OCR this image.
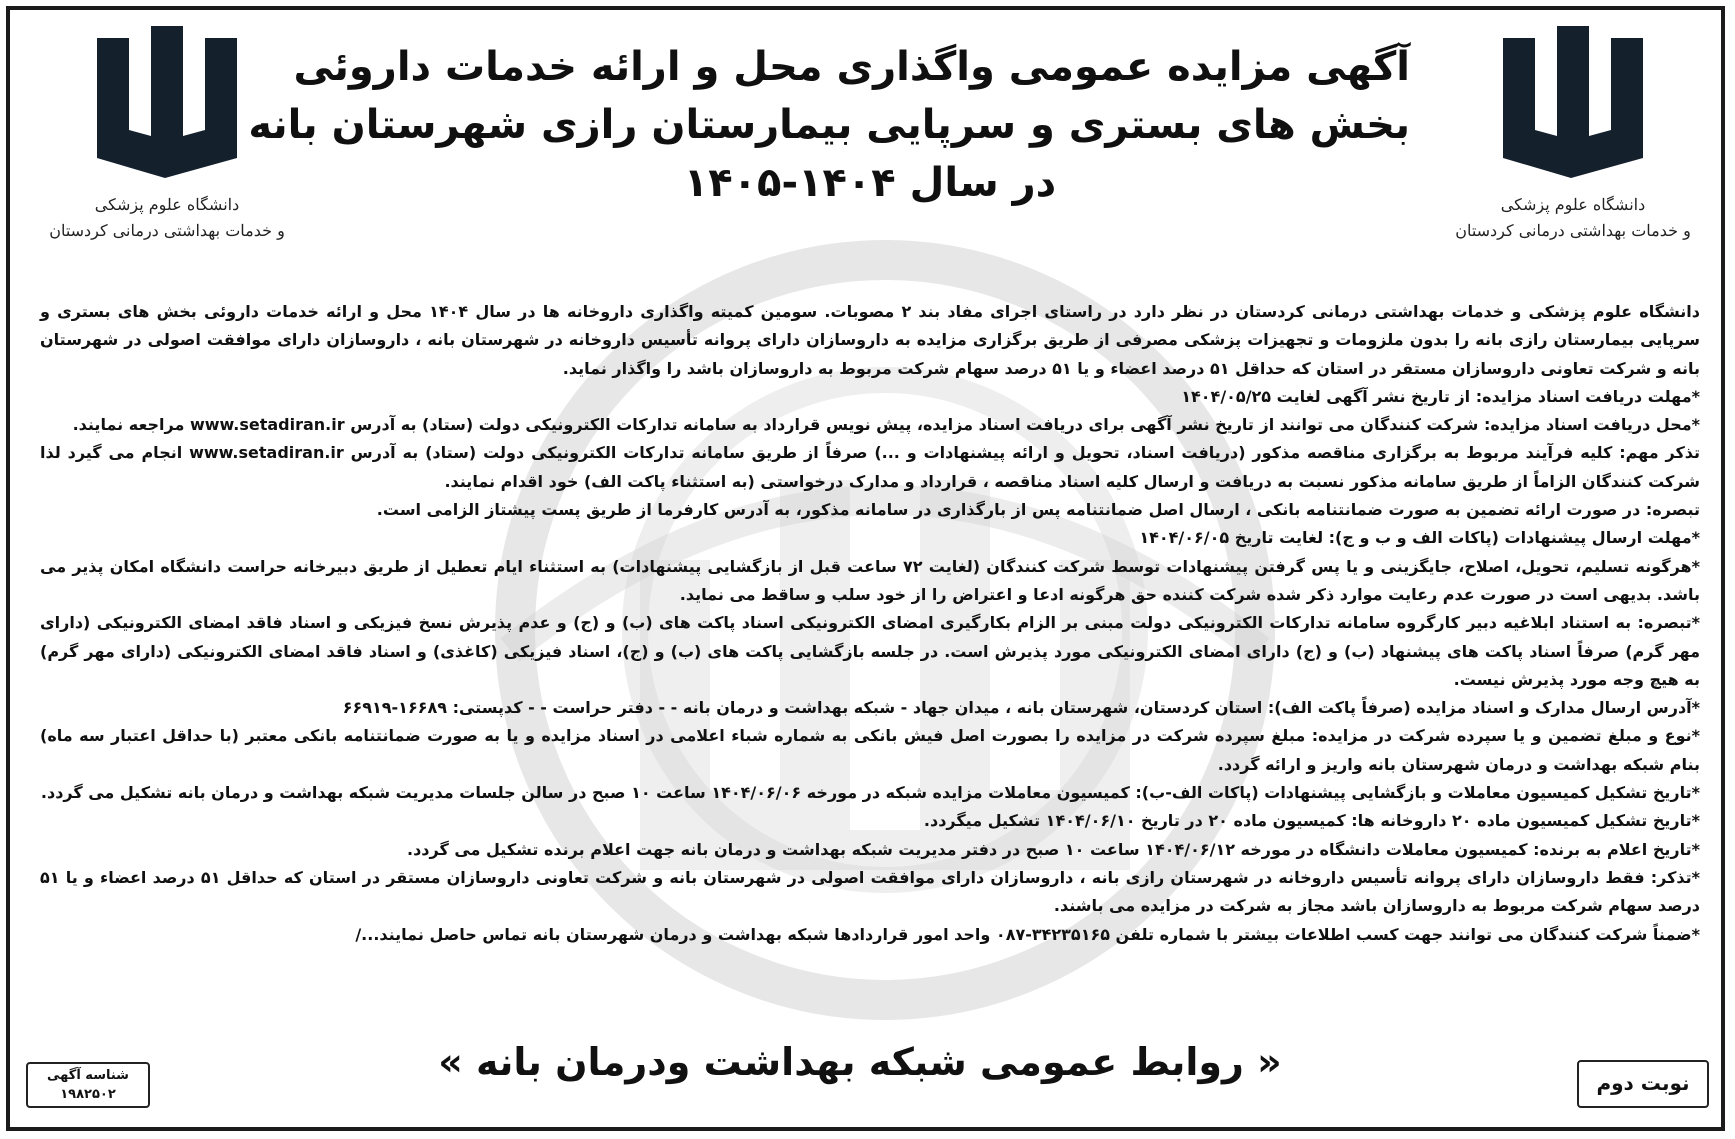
دانشگاه علوم پزشکی
و خدمات بهداشتی درمانی کردستان
دانشگاه علوم پزشکی
و خدمات بهداشتی درمانی کردستان
آگهی مزایده عمومی واگذاری محل و ارائه خدمات داروئی
بخش های بستری و سرپایی بیمارستان رازی شهرستان بانه
در سال ۱۴۰۴-۱۴۰۵

دانشگاه علوم پزشکی و خدمات بهداشتی درمانی کردستان در نظر دارد در راستای اجرای مفاد بند ۲ مصوبات. سومین کمیته واگذاری داروخانه ها در سال ۱۴۰۴ محل و ارائه خدمات داروئی بخش های بستری و سرپایی بیمارستان رازی بانه را بدون ملزومات و تجهیزات پزشکی مصرفی از طریق برگزاری مزایده به داروسازان دارای پروانه تأسیس داروخانه در شهرستان بانه ، داروسازان دارای موافقت اصولی در شهرستان بانه و شرکت تعاونی داروسازان مستقر در استان که حداقل ۵۱ درصد اعضاء و یا ۵۱ درصد سهام شرکت مربوط به داروسازان باشد را واگذار نماید.

*مهلت دریافت اسناد مزایده: از تاریخ نشر آگهی لغایت ۱۴۰۴/۰۵/۲۵

*محل دریافت اسناد مزایده: شرکت کنندگان می توانند از تاریخ نشر آگهی برای دریافت اسناد مزایده، پیش نویس قرارداد به سامانه تدارکات الکترونیکی دولت (ستاد) به آدرس www.setadiran.ir مراجعه نمایند.

تذکر مهم: کلیه فرآیند مربوط به برگزاری مناقصه مذکور (دریافت اسناد، تحویل و ارائه پیشنهادات و ...) صرفاً از طریق سامانه تدارکات الکترونیکی دولت (ستاد) به آدرس www.setadiran.ir انجام می گیرد لذا شرکت کنندگان الزاماً از طریق سامانه مذکور نسبت به دریافت و ارسال کلیه اسناد مناقصه ، قرارداد و مدارک درخواستی (به استثناء پاکت الف) خود اقدام نمایند.

تبصره: در صورت ارائه تضمین به صورت ضمانتنامه بانکی ، ارسال اصل ضمانتنامه پس از بارگذاری در سامانه مذکور، به آدرس کارفرما از طریق پست پیشتاز الزامی است.

*مهلت ارسال پیشنهادات (پاکات الف و ب و ج): لغایت تاریخ ۱۴۰۴/۰۶/۰۵

*هرگونه تسلیم، تحویل، اصلاح، جایگزینی و یا پس گرفتن پیشنهادات توسط شرکت کنندگان (لغایت ۷۲ ساعت قبل از بازگشایی پیشنهادات) به استثناء ایام تعطیل از طریق دبیرخانه حراست دانشگاه امکان پذیر می باشد. بدیهی است در صورت عدم رعایت موارد ذکر شده شرکت کننده حق هرگونه ادعا و اعتراض را از خود سلب و ساقط می نماید.

*تبصره: به استناد ابلاغیه دبیر کارگروه سامانه تدارکات الکترونیکی دولت مبنی بر الزام بکارگیری امضای الکترونیکی اسناد پاکت های (ب) و (ج) و عدم پذیرش نسخ فیزیکی و اسناد فاقد امضای الکترونیکی (دارای مهر گرم) صرفاً اسناد پاکت های پیشنهاد (ب) و (ج) دارای امضای الکترونیکی مورد پذیرش است. در جلسه بازگشایی پاکت های (ب) و (ج)، اسناد فیزیکی (کاغذی) و اسناد فاقد امضای الکترونیکی (دارای مهر گرم) به هیچ وجه مورد پذیرش نیست.

*آدرس ارسال مدارک و اسناد مزایده (صرفاً پاکت الف): استان کردستان، شهرستان بانه ، میدان جهاد - شبکه بهداشت و درمان بانه - - دفتر حراست - - کدپستی: ۱۶۶۸۹-۶۶۹۱۹

*نوع و مبلغ تضمین و یا سپرده شرکت در مزایده: مبلغ سپرده شرکت در مزایده را بصورت اصل فیش بانکی به شماره شباء اعلامی در اسناد مزایده و یا به صورت ضمانتنامه بانکی معتبر (با حداقل اعتبار سه ماه) بنام شبکه بهداشت و درمان شهرستان بانه واریز و ارائه گردد.

*تاریخ تشکیل کمیسیون معاملات و بازگشایی پیشنهادات (پاکات الف-ب): کمیسیون معاملات مزایده شبکه در مورخه ۱۴۰۴/۰۶/۰۶ ساعت ۱۰ صبح در سالن جلسات مدیریت شبکه بهداشت و درمان بانه تشکیل می گردد.

*تاریخ تشکیل کمیسیون ماده ۲۰ داروخانه ها: کمیسیون ماده ۲۰ در تاریخ ۱۴۰۴/۰۶/۱۰ تشکیل میگردد.

*تاریخ اعلام به برنده: کمیسیون معاملات دانشگاه در مورخه ۱۴۰۴/۰۶/۱۲ ساعت ۱۰ صبح در دفتر مدیریت شبکه بهداشت و درمان بانه جهت اعلام برنده تشکیل می گردد.

*تذکر: فقط داروسازان دارای پروانه تأسیس داروخانه در شهرستان رازی بانه ، داروسازان دارای موافقت اصولی در شهرستان بانه و شرکت تعاونی داروسازان مستقر در استان که حداقل ۵۱ درصد اعضاء و یا ۵۱ درصد سهام شرکت مربوط به داروسازان باشد مجاز به شرکت در مزایده می باشند.

*ضمناً شرکت کنندگان می توانند جهت کسب اطلاعات بیشتر با شماره تلفن ۳۴۲۳۵۱۶۵-۰۸۷ واحد امور قراردادها شبکه بهداشت و درمان شهرستان بانه تماس حاصل نمایند.../

« روابط عمومی شبکه بهداشت ودرمان بانه »	نوبت دوم
شناسه آگهی
۱۹۸۲۵۰۲
